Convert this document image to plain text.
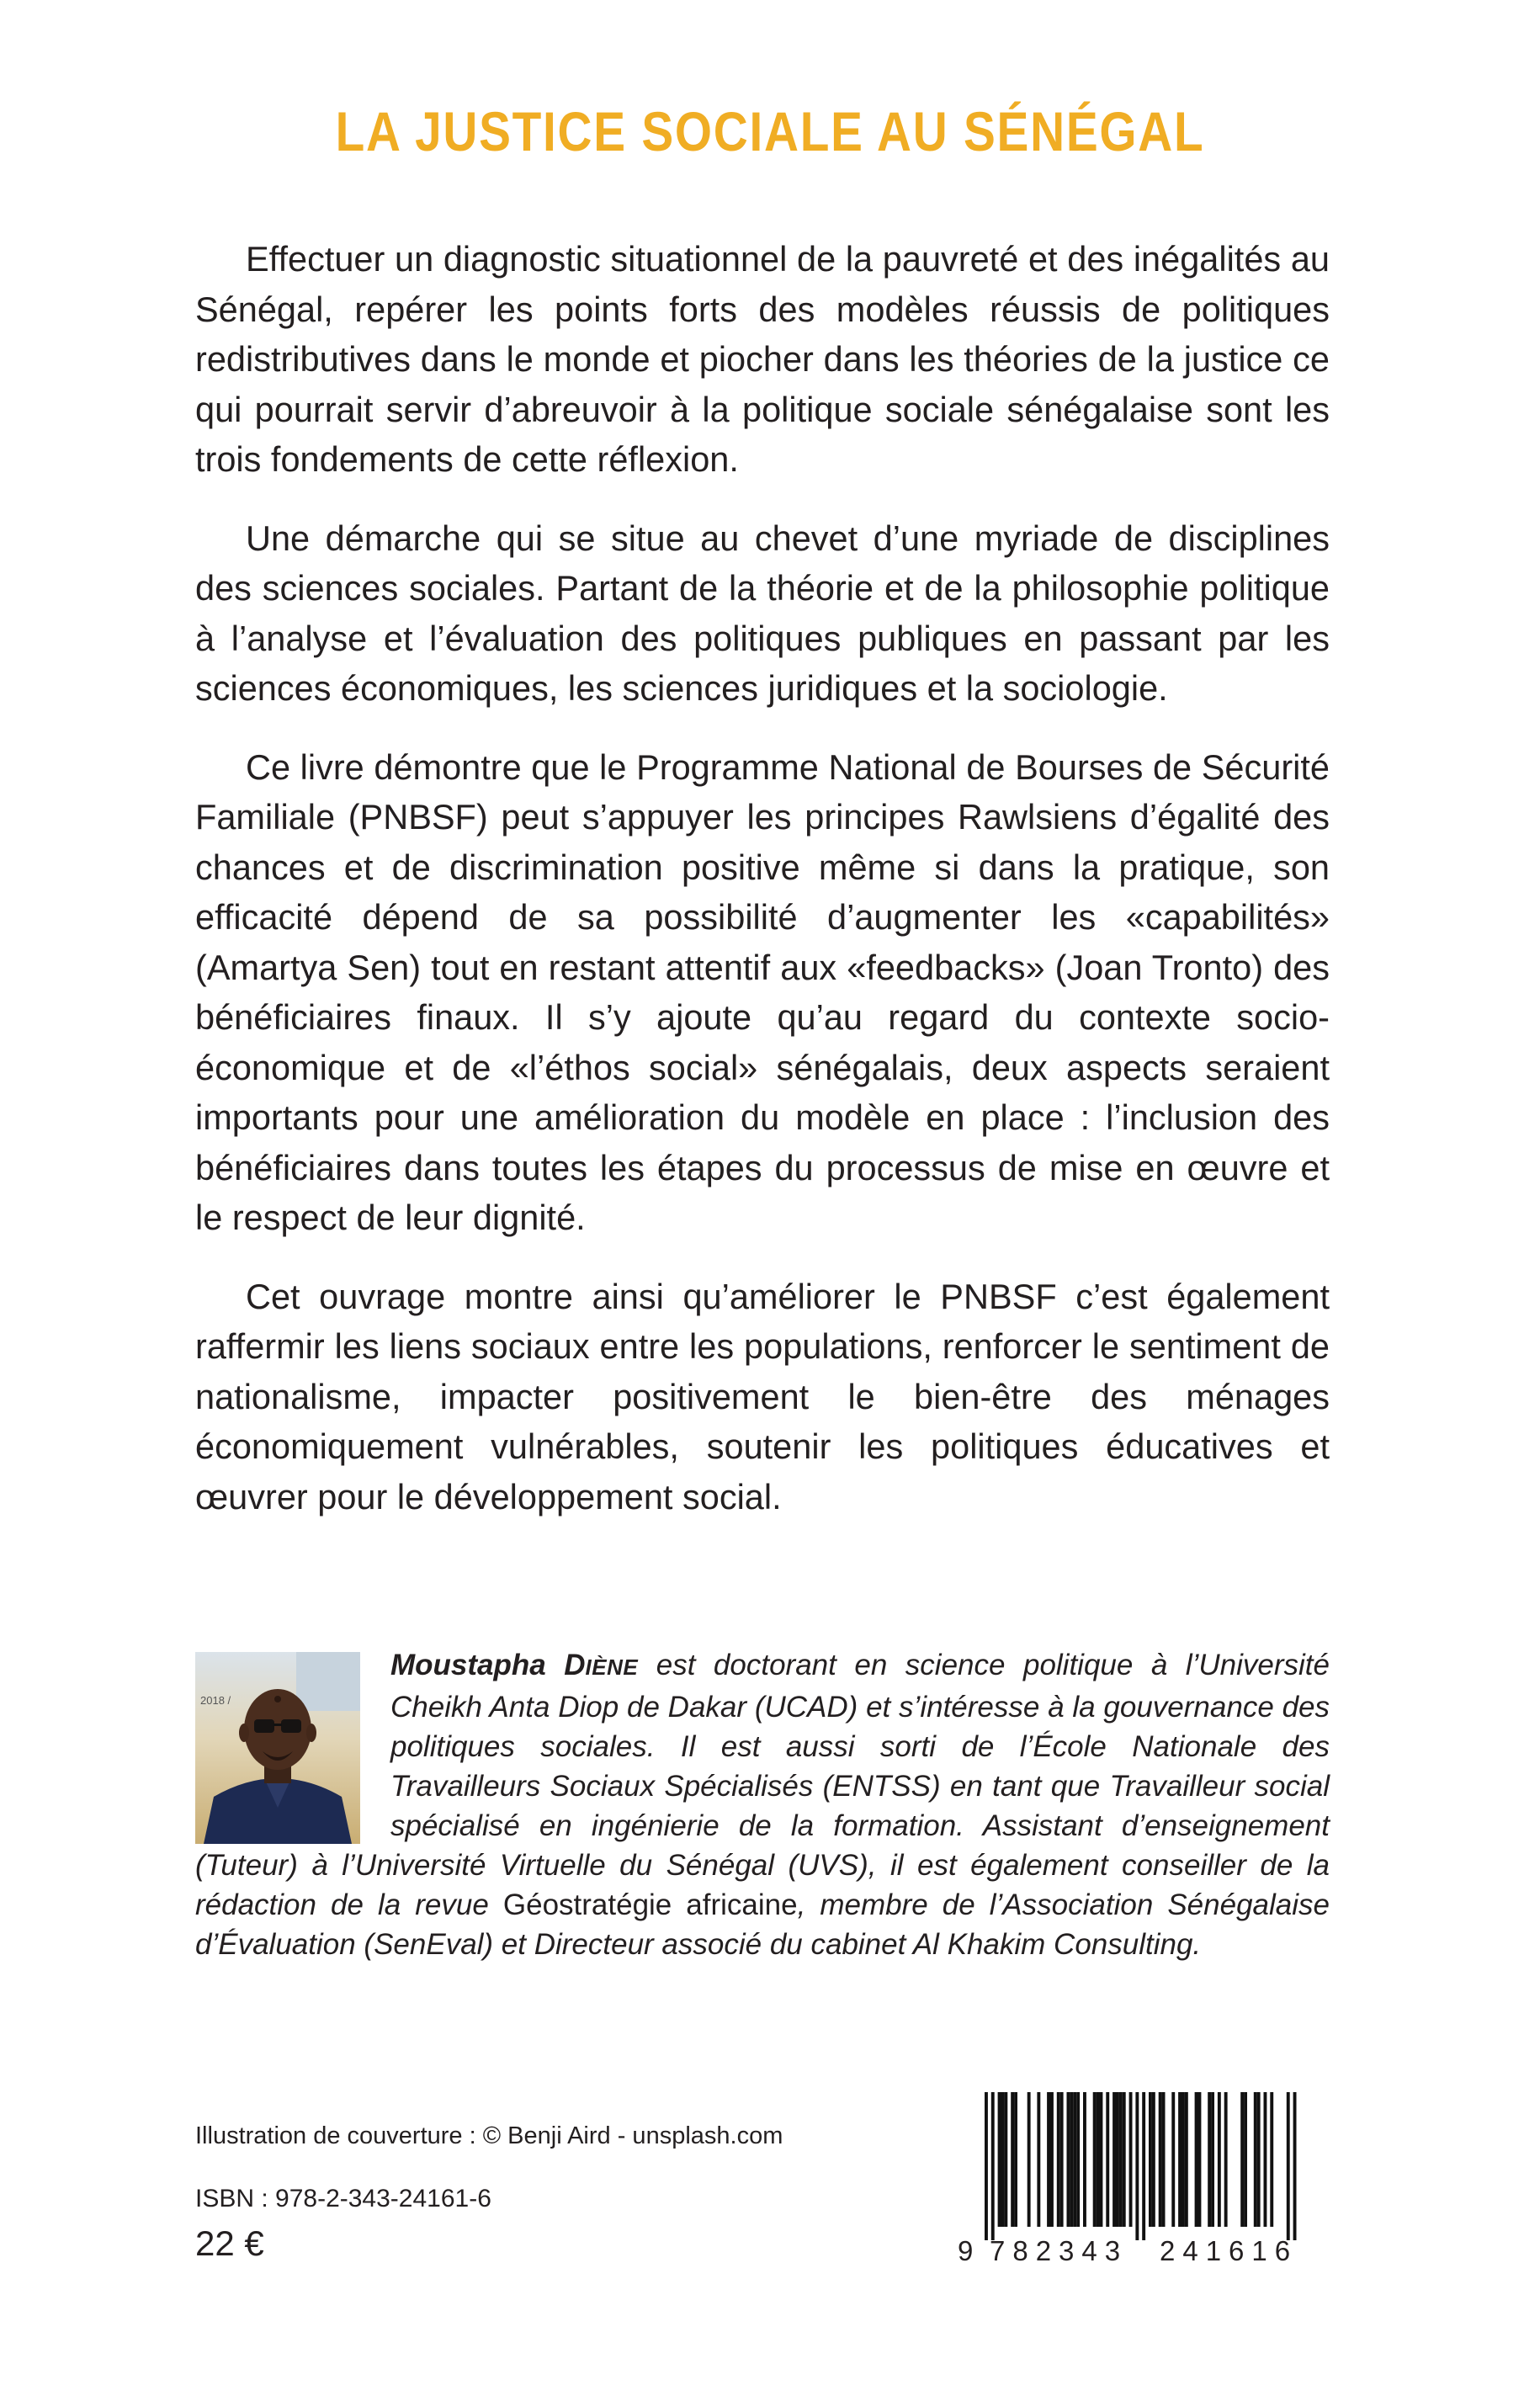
LA JUSTICE SOCIALE AU SÉNÉGAL

Effectuer un diagnostic situationnel de la pauvreté et des inégalités au Sénégal, repérer les points forts des modèles réussis de politiques redistributives dans le monde et piocher dans les théories de la justice ce qui pourrait servir d’abreuvoir à la politique sociale sénégalaise sont les trois fondements de cette réflexion.

Une démarche qui se situe au chevet d’une myriade de disciplines des sciences sociales. Partant de la théorie et de la philosophie politique à l’analyse et l’évaluation des politiques publiques en passant par les sciences économiques, les sciences juridiques et la sociologie.

Ce livre démontre que le Programme National de Bourses de Sécurité Familiale (PNBSF) peut s’appuyer les principes Rawlsiens d’égalité des chances et de discrimination positive même si dans la pratique, son efficacité dépend de sa possibilité d’augmenter les «capabilités» (Amartya Sen) tout en restant attentif aux «feedbacks» (Joan Tronto) des bénéficiaires finaux. Il s’y ajoute qu’au regard du contexte socio-économique et de «l’éthos social» sénégalais, deux aspects seraient importants pour une amélioration du modèle en place : l’inclusion des bénéficiaires dans toutes les étapes du processus de mise en œuvre et le respect de leur dignité.

Cet ouvrage montre ainsi qu’améliorer le PNBSF c’est également raffermir les liens sociaux entre les populations, renforcer le sentiment de nationalisme, impacter positivement le bien-être des ménages économiquement vulnérables, soutenir les politiques éducatives et œuvrer pour le développement social.

Moustapha DIÈNE est doctorant en science politique à l’Université Cheikh Anta Diop de Dakar (UCAD) et s’intéresse à la gouvernance des politiques sociales. Il est aussi sorti de l’École Nationale des Travailleurs Sociaux Spécialisés (ENTSS) en tant que Travailleur social spécialisé en ingénierie de la formation. Assistant d’enseignement (Tuteur) à l’Université Virtuelle du Sénégal (UVS), il est également conseiller de la rédaction de la revue Géostratégie africaine, membre de l’Association Sénégalaise d’Évaluation (SenEval) et Directeur associé du cabinet Al Khakim Consulting.
2018 /
Illustration de couverture : © Benji Aird - unsplash.com
ISBN : 978-2-343-24161-6
22 €	9 782343 241616
